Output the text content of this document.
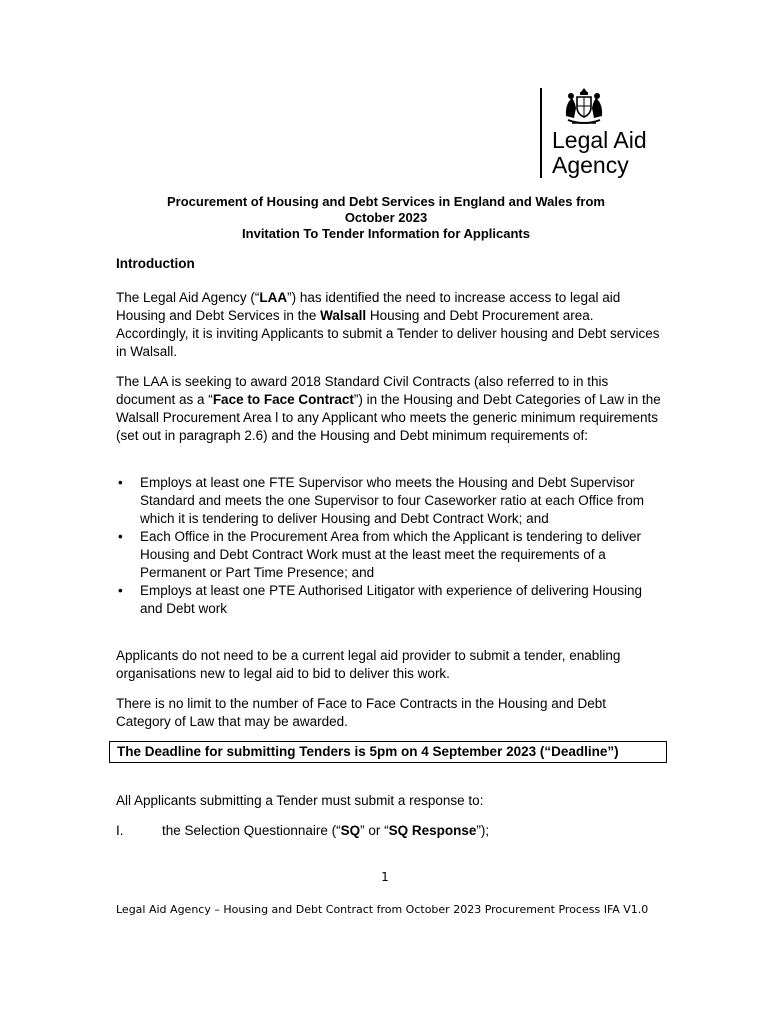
Legal Aid
Agency
Procurement of Housing and Debt Services in England and Wales from
October 2023
Invitation To Tender Information for Applicants
Introduction

The Legal Aid Agency (“LAA”) has identified the need to increase access to legal aid Housing and Debt Services in the Walsall Housing and Debt Procurement area. Accordingly, it is inviting Applicants to submit a Tender to deliver housing and Debt services in Walsall.

The LAA is seeking to award 2018 Standard Civil Contracts (also referred to in this document as a “Face to Face Contract”) in the Housing and Debt Categories of Law in the Walsall Procurement Area l to any Applicant who meets the generic minimum requirements (set out in paragraph 2.6) and the Housing and Debt minimum requirements of:

• Employs at least one FTE Supervisor who meets the Housing and Debt Supervisor Standard and meets the one Supervisor to four Caseworker ratio at each Office from which it is tendering to deliver Housing and Debt Contract Work; and
• Each Office in the Procurement Area from which the Applicant is tendering to deliver Housing and Debt Contract Work must at the least meet the requirements of a Permanent or Part Time Presence; and
• Employs at least one PTE Authorised Litigator with experience of delivering Housing and Debt work

Applicants do not need to be a current legal aid provider to submit a tender, enabling organisations new to legal aid to bid to deliver this work.

There is no limit to the number of Face to Face Contracts in the Housing and Debt Category of Law that may be awarded.

The Deadline for submitting Tenders is 5pm on 4 September 2023 (“Deadline”)

All Applicants submitting a Tender must submit a response to:

I.	the Selection Questionnaire (“SQ” or “SQ Response”);
1
Legal Aid Agency – Housing and Debt Contract from October 2023 Procurement Process IFA V1.0
